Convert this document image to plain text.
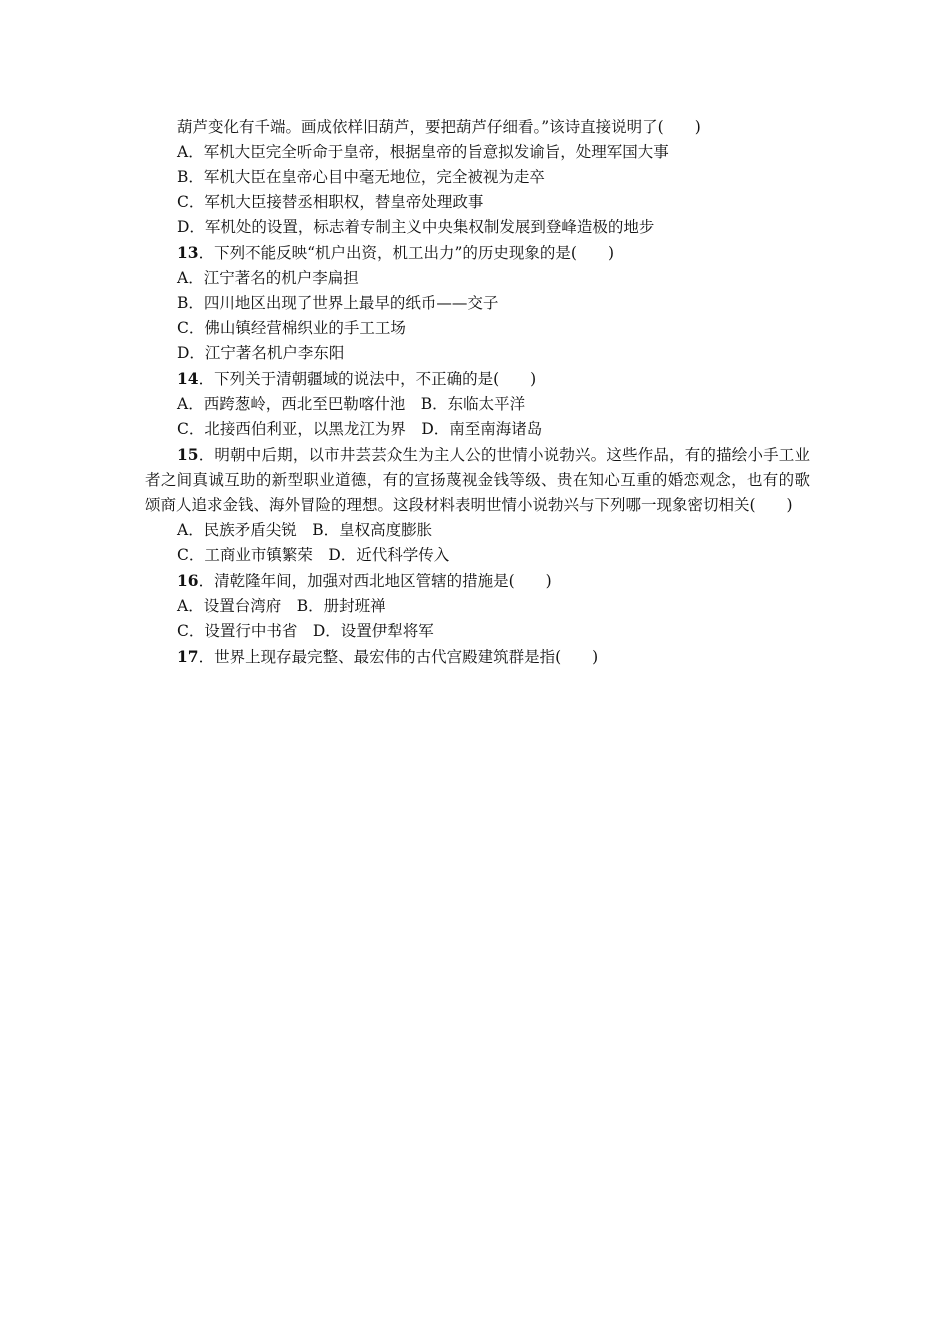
葫芦变化有千端。画成依样旧葫芦，要把葫芦仔细看。”该诗直接说明了(　　)
A．军机大臣完全听命于皇帝，根据皇帝的旨意拟发谕旨，处理军国大事
B．军机大臣在皇帝心目中毫无地位，完全被视为走卒
C．军机大臣接替丞相职权，替皇帝处理政事
D．军机处的设置，标志着专制主义中央集权制发展到登峰造极的地步
13．下列不能反映“机户出资，机工出力”的历史现象的是(　　)
A．江宁著名的机户李扁担
B．四川地区出现了世界上最早的纸币——交子
C．佛山镇经营棉织业的手工工场
D．江宁著名机户李东阳
14．下列关于清朝疆域的说法中，不正确的是(　　)
A．西跨葱岭，西北至巴勒喀什池　B．东临太平洋
C．北接西伯利亚，以黑龙江为界　D．南至南海诸岛

15．明朝中后期，以市井芸芸众生为主人公的世情小说勃兴。这些作品，有的描绘小手工业者之间真诚互助的新型职业道德，有的宣扬蔑视金钱等级、贵在知心互重的婚恋观念，也有的歌颂商人追求金钱、海外冒险的理想。这段材料表明世情小说勃兴与下列哪一现象密切相关(　　)

A．民族矛盾尖锐　B．皇权高度膨胀
C．工商业市镇繁荣　D．近代科学传入
16．清乾隆年间，加强对西北地区管辖的措施是(　　)
A．设置台湾府　B．册封班禅
C．设置行中书省　D．设置伊犁将军
17．世界上现存最完整、最宏伟的古代宫殿建筑群是指(　　)
